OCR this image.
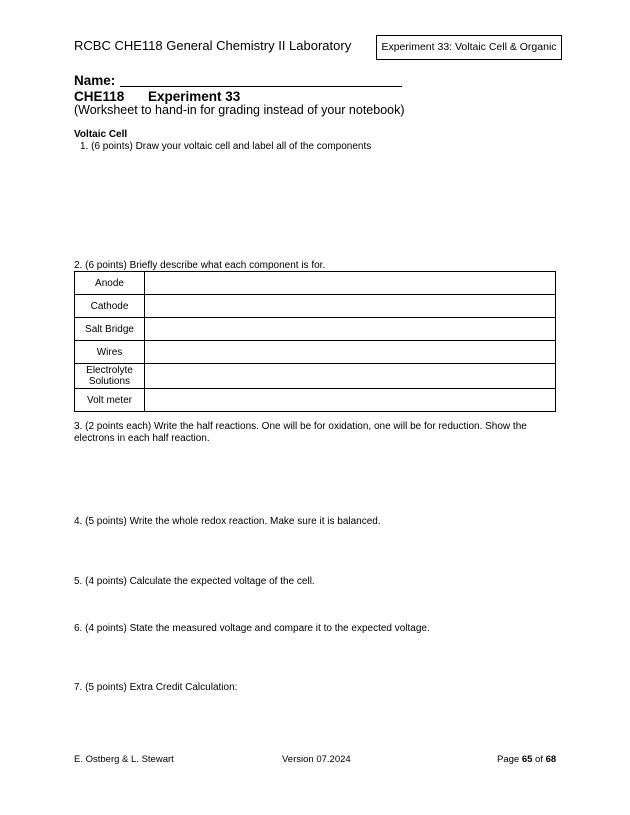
RCBC CHE118 General Chemistry II Laboratory	Experiment 33: Voltaic Cell & Organic
Name:
CHE118 Experiment 33
(Worksheet to hand-in for grading instead of your notebook)
Voltaic Cell
1. (6 points) Draw your voltaic cell and label all of the components
2. (6 points) Briefly describe what each component is for.
Anode	
Cathode	
Salt Bridge	
Wires	
Electrolyte Solutions	
Volt meter	
3. (2 points each) Write the half reactions. One will be for oxidation, one will be for reduction. Show the electrons in each half reaction.
4. (5 points) Write the whole redox reaction. Make sure it is balanced.
5. (4 points) Calculate the expected voltage of the cell.
6. (4 points) State the measured voltage and compare it to the expected voltage.
7. (5 points) Extra Credit Calculation:
E. Ostberg & L. Stewart	Version 07.2024	Page 65 of 68
